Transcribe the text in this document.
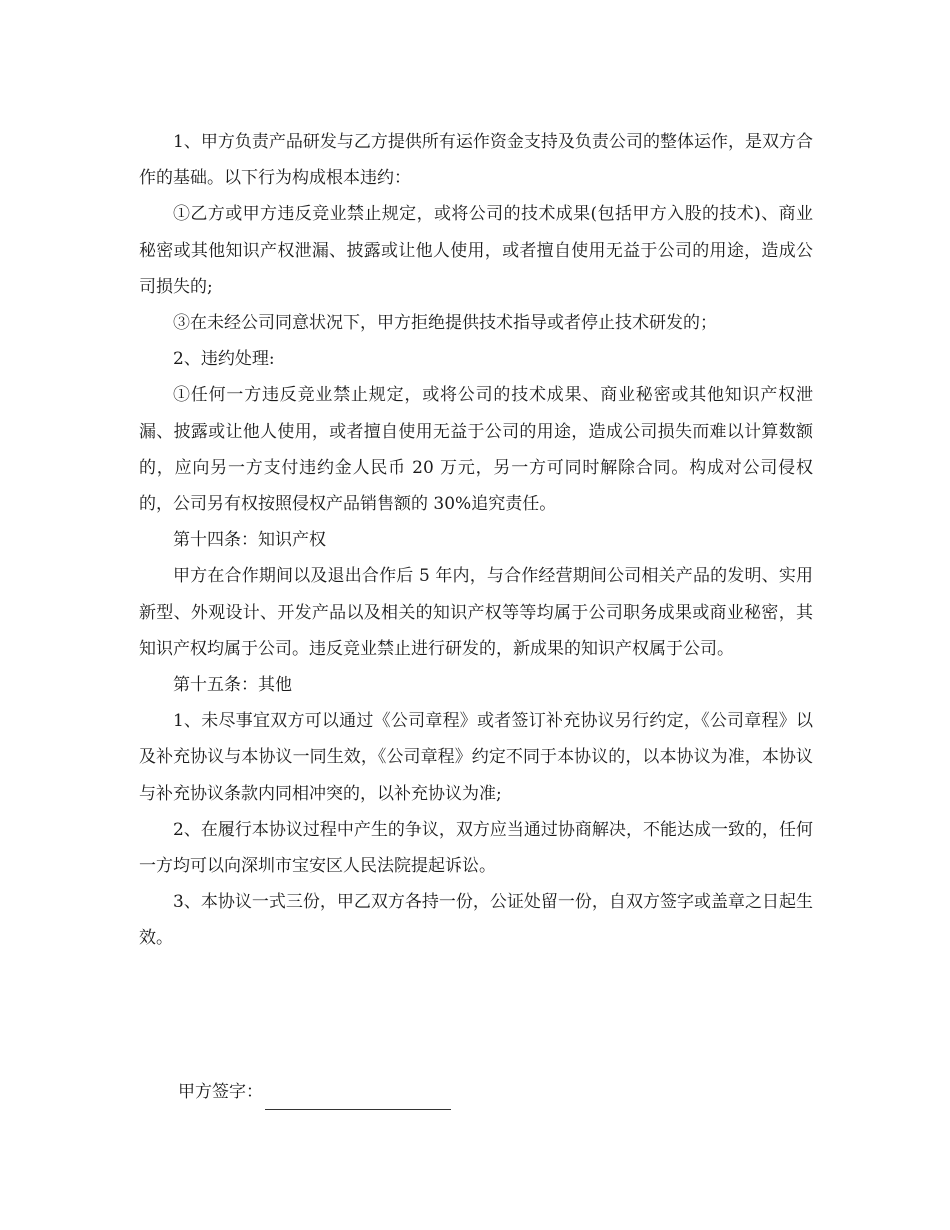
1、甲方负责产品研发与乙方提供所有运作资金支持及负责公司的整体运作，是双方合作的基础。以下行为构成根本违约：

①乙方或甲方违反竞业禁止规定，或将公司的技术成果(包括甲方入股的技术)、商业秘密或其他知识产权泄漏、披露或让他人使用，或者擅自使用无益于公司的用途，造成公司损失的;

③在未经公司同意状况下，甲方拒绝提供技术指导或者停止技术研发的；

2、违约处理:

①任何一方违反竞业禁止规定，或将公司的技术成果、商业秘密或其他知识产权泄漏、披露或让他人使用，或者擅自使用无益于公司的用途，造成公司损失而难以计算数额的，应向另一方支付违约金人民币 20 万元，另一方可同时解除合同。构成对公司侵权的，公司另有权按照侵权产品销售额的 30%追究责任。

第十四条：知识产权

甲方在合作期间以及退出合作后 5 年内，与合作经营期间公司相关产品的发明、实用新型、外观设计、开发产品以及相关的知识产权等等均属于公司职务成果或商业秘密，其知识产权均属于公司。违反竞业禁止进行研发的，新成果的知识产权属于公司。

第十五条：其他

1、未尽事宜双方可以通过《公司章程》或者签订补充协议另行约定，《公司章程》以及补充协议与本协议一同生效，《公司章程》约定不同于本协议的，以本协议为准，本协议与补充协议条款内同相冲突的，以补充协议为准;

2、在履行本协议过程中产生的争议，双方应当通过协商解决，不能达成一致的，任何一方均可以向深圳市宝安区人民法院提起诉讼。

3、本协议一式三份，甲乙双方各持一份，公证处留一份，自双方签字或盖章之日起生效。

甲方签字：
